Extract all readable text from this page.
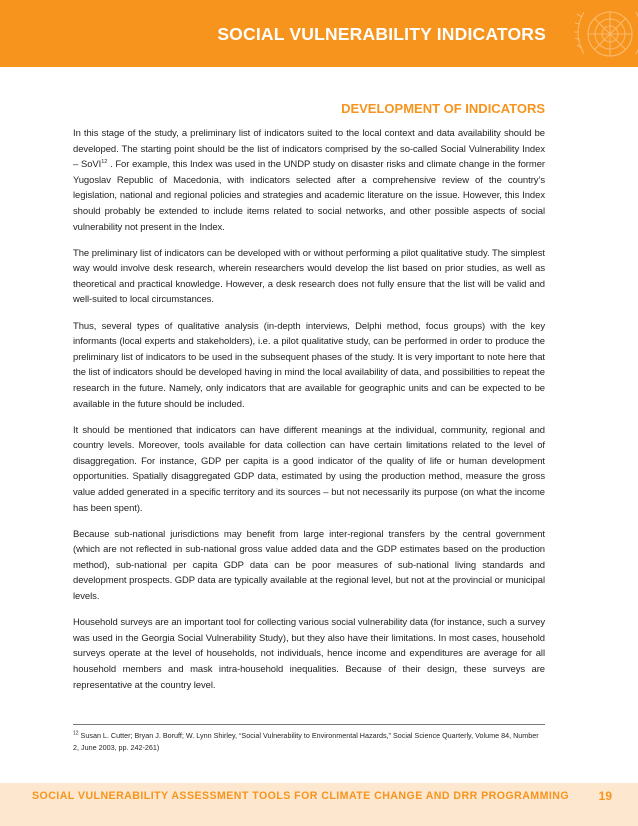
SOCIAL VULNERABILITY INDICATORS
DEVELOPMENT OF INDICATORS

In this stage of the study, a preliminary list of indicators suited to the local context and data availability should be developed. The starting point should be the list of indicators comprised by the so-called Social Vulnerability Index – SoVI$^{12}$ . For example, this Index was used in the UNDP study on disaster risks and climate change in the former Yugoslav Republic of Macedonia, with indicators selected after a comprehensive review of the country’s legislation, national and regional policies and strategies and academic literature on the issue. However, this Index should probably be extended to include items related to social networks, and other possible aspects of social vulnerability not present in the Index.

The preliminary list of indicators can be developed with or without performing a pilot qualitative study. The simplest way would involve desk research, wherein researchers would develop the list based on prior studies, as well as theoretical and practical knowledge. However, a desk research does not fully ensure that the list will be valid and well-suited to local circumstances.

Thus, several types of qualitative analysis (in-depth interviews, Delphi method, focus groups) with the key informants (local experts and stakeholders), i.e. a pilot qualitative study, can be performed in order to produce the preliminary list of indicators to be used in the subsequent phases of the study. It is very important to note here that the list of indicators should be developed having in mind the local availability of data, and possibilities to repeat the research in the future. Namely, only indicators that are available for geographic units and can be expected to be available in the future should be included.

It should be mentioned that indicators can have different meanings at the individual, community, regional and country levels. Moreover, tools available for data collection can have certain limitations related to the level of disaggregation. For instance, GDP per capita is a good indicator of the quality of life or human development opportunities. Spatially disaggregated GDP data, estimated by using the production method, measure the gross value added generated in a specific territory and its sources – but not necessarily its purpose (on what the income has been spent).

Because sub-national jurisdictions may benefit from large inter-regional transfers by the central government (which are not reflected in sub-national gross value added data and the GDP estimates based on the production method), sub-national per capita GDP data can be poor measures of sub-national living standards and development prospects. GDP data are typically available at the regional level, but not at the provincial or municipal levels.

Household surveys are an important tool for collecting various social vulnerability data (for instance, such a survey was used in the Georgia Social Vulnerability Study), but they also have their limitations. In most cases, household surveys operate at the level of households, not individuals, hence income and expenditures are average for all household members and mask intra-household inequalities. Because of their design, these surveys are representative at the country level.

$^{12}$ Susan L. Cutter; Bryan J. Boruff; W. Lynn Shirley, “Social Vulnerability to Environmental Hazards,” Social Science Quarterly, Volume 84, Number 2, June 2003, pp. 242-261)
SOCIAL VULNERABILITY ASSESSMENT TOOLS FOR CLIMATE CHANGE AND DRR PROGRAMMING 19
